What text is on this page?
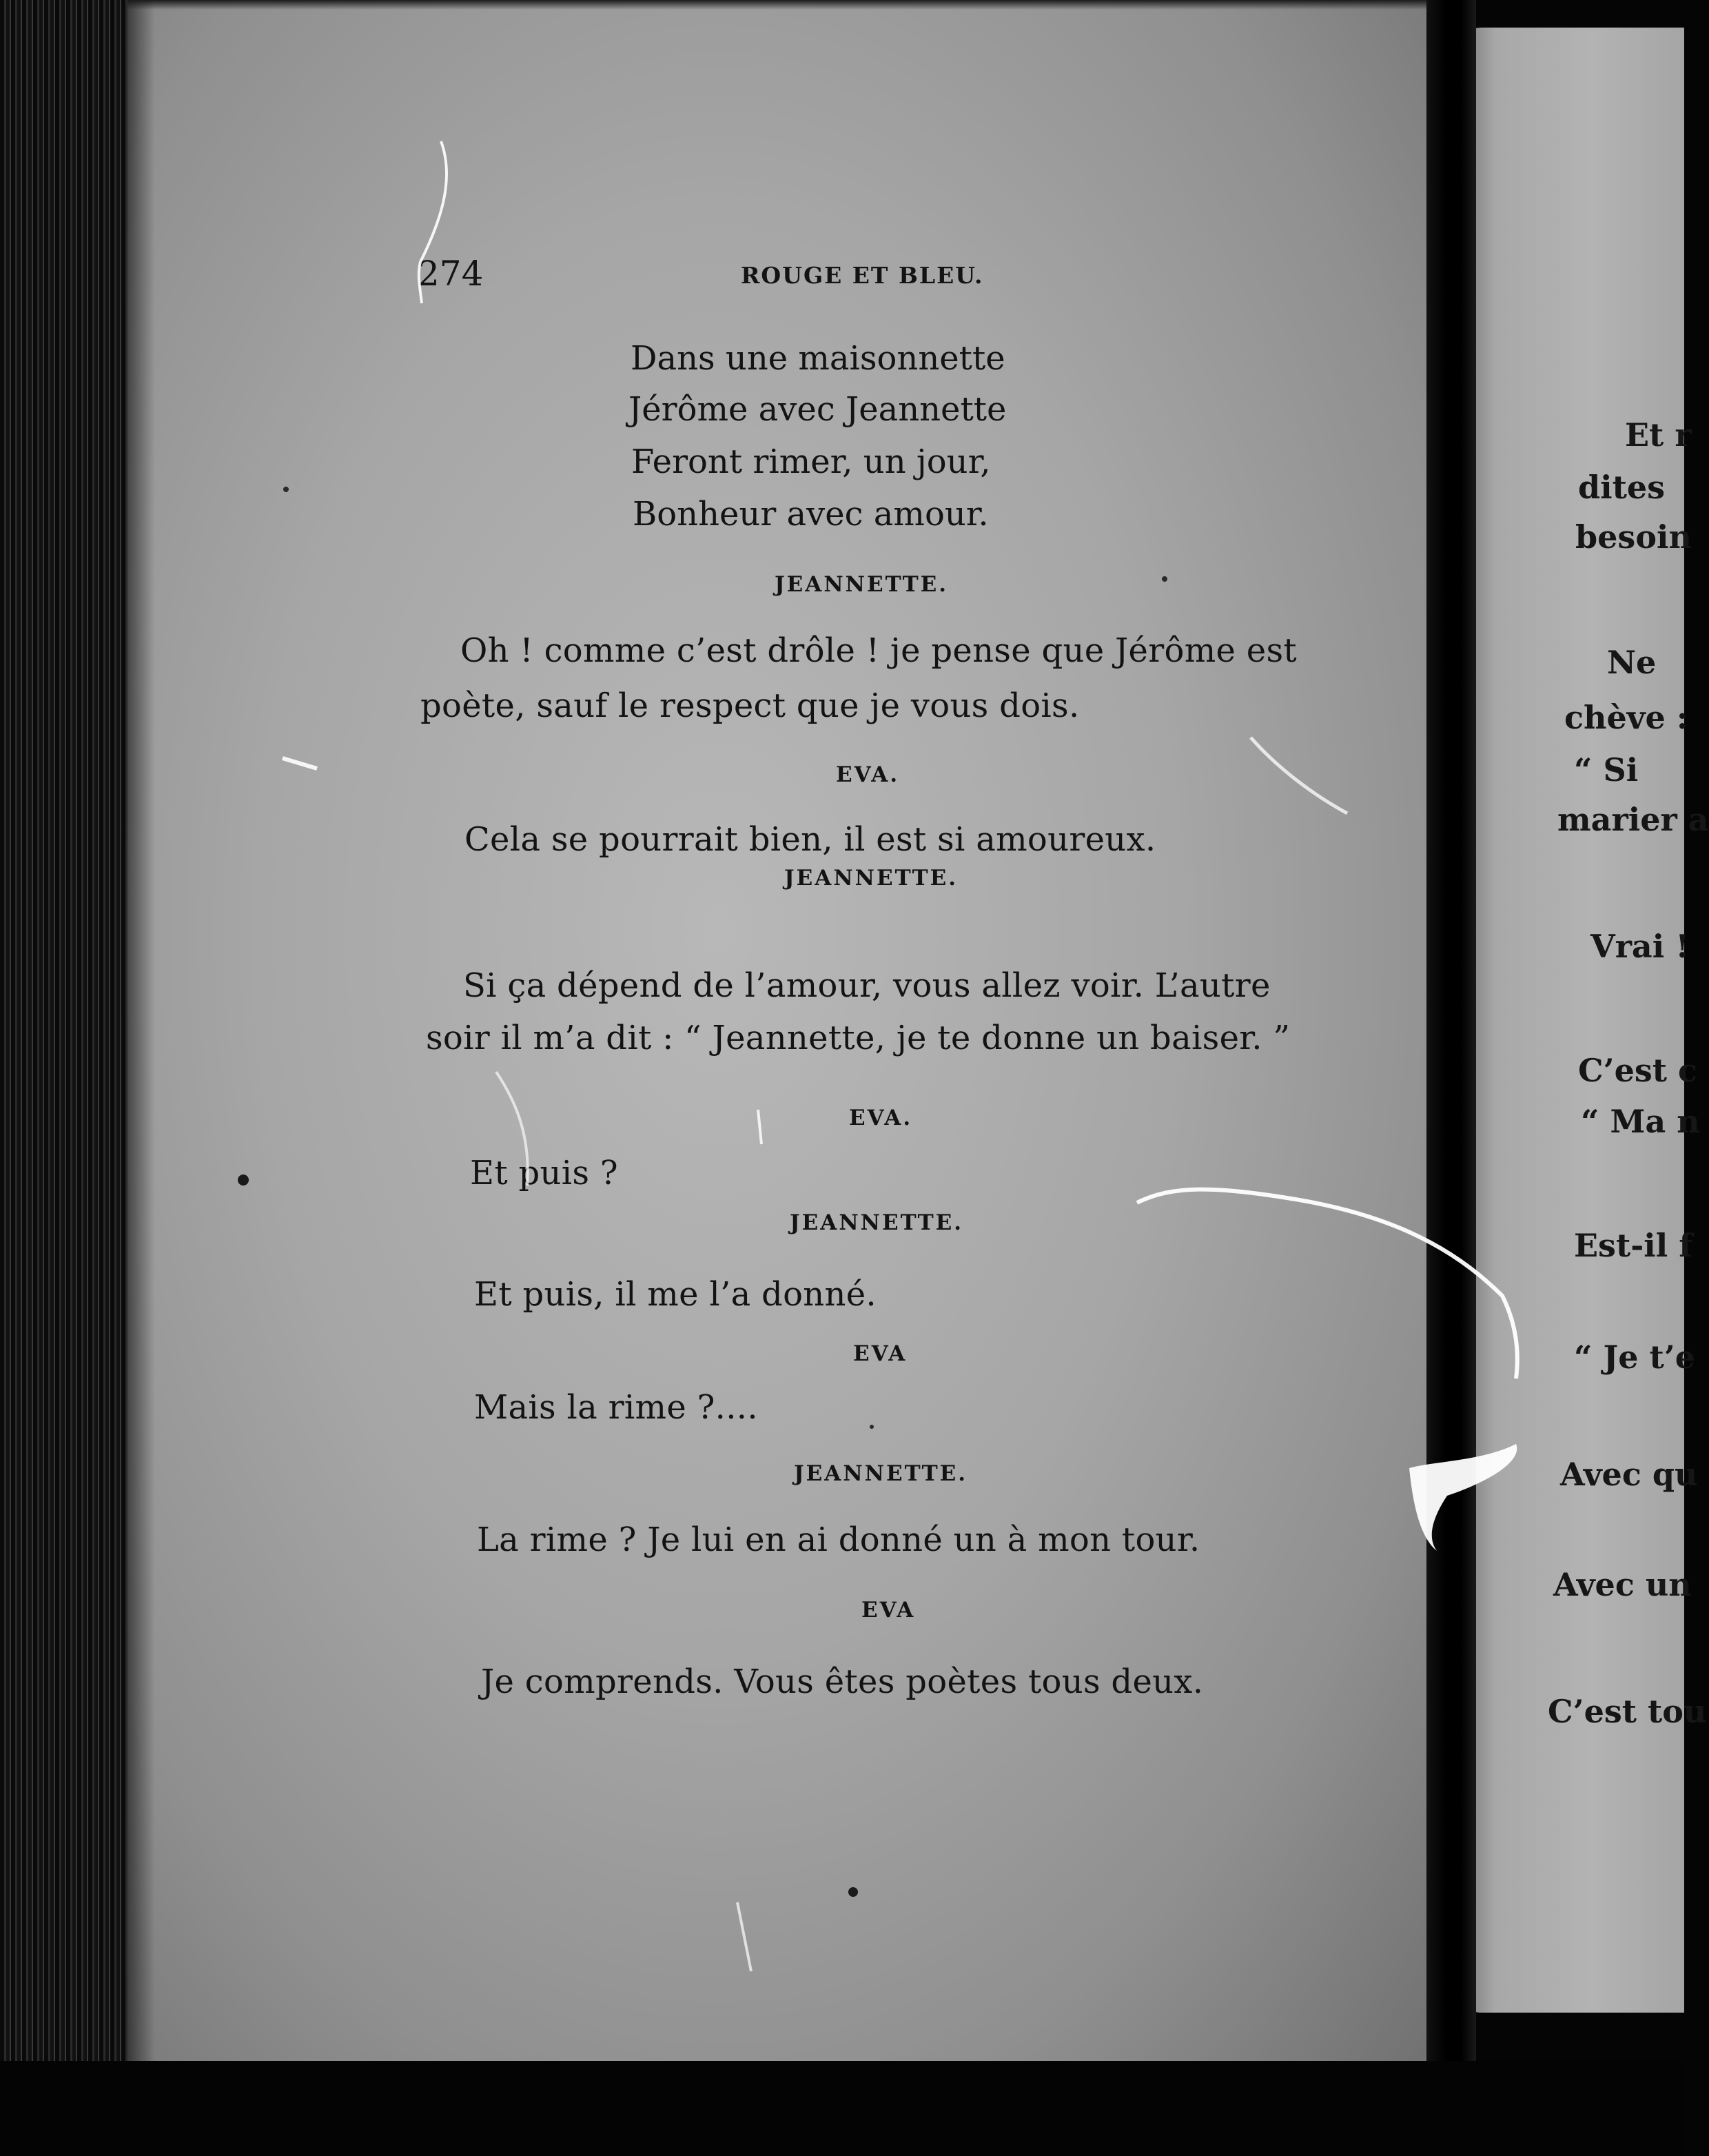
274	ROUGE ET BLEU.
Dans une maisonnette
Jérôme avec Jeannette
Feront rimer, un jour,
Bonheur avec amour.
JEANNETTE.
Oh ! comme c’est drôle ! je pense que Jérôme est
poète, sauf le respect que je vous dois.
EVA.
Cela se pourrait bien, il est si amoureux.
JEANNETTE.
Si ça dépend de l’amour, vous allez voir. L’autre
soir il m’a dit : “ Jeannette, je te donne un baiser. ”
EVA.
Et puis ?
JEANNETTE.
Et puis, il me l’a donné.
EVA
Mais la rime ?....
JEANNETTE.
La rime ? Je lui en ai donné un à mon tour.
EVA
Je comprends. Vous êtes poètes tous deux.
Et r
dites
besoin
Ne
chève :
“ Si
marier a
Vrai !
C’est c
“ Ma n
Est-il f
“ Je t’e
Avec qu
Avec un
C’est tou
